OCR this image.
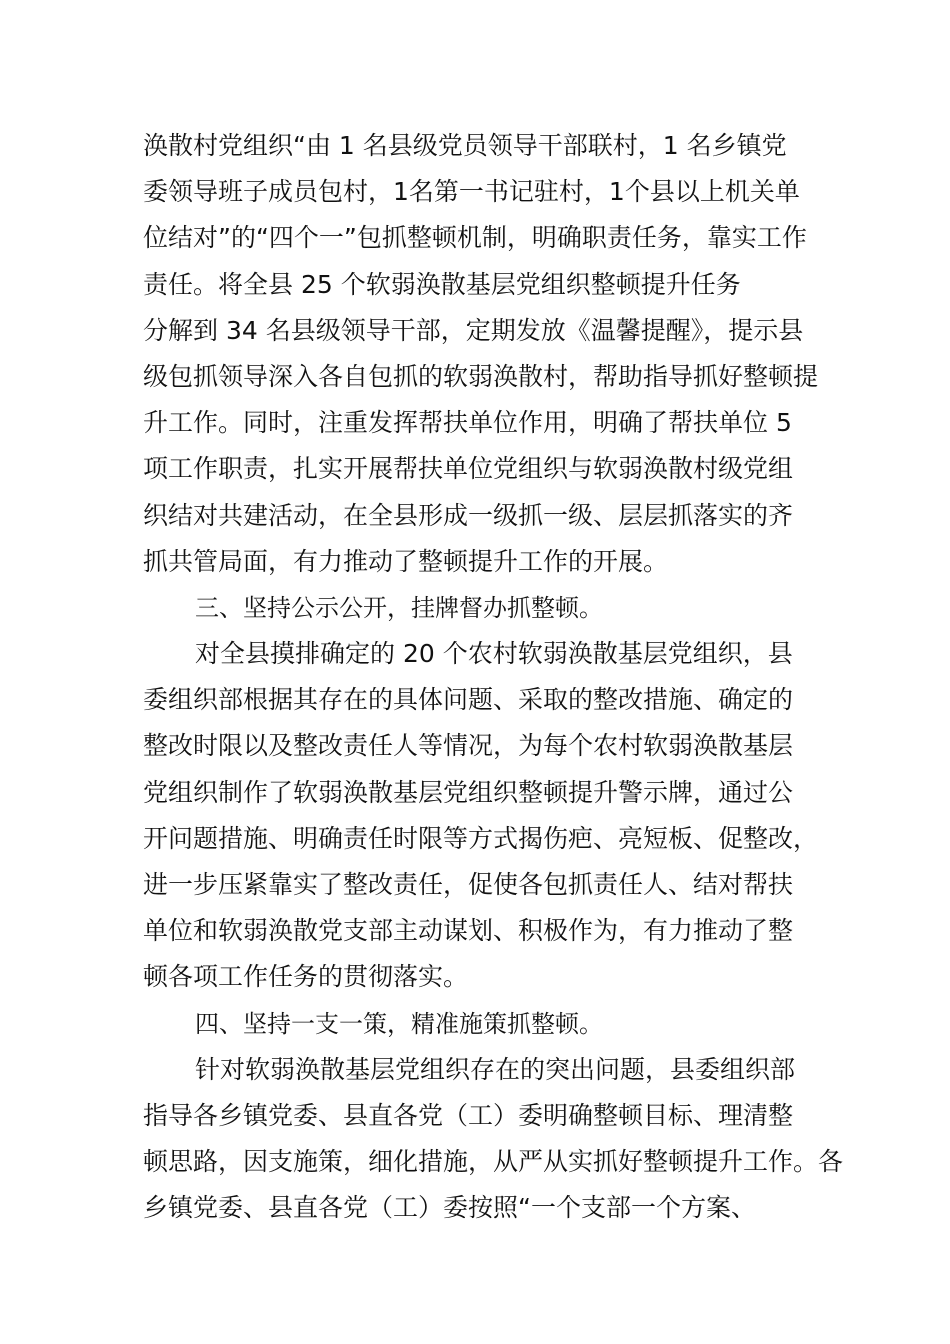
涣散村党组织“由 1 名县级党员领导干部联村，1 名乡镇党
委领导班子成员包村，1名第一书记驻村，1个县以上机关单
位结对”的“四个一”包抓整顿机制，明确职责任务，靠实工作
责任。将全县 25 个软弱涣散基层党组织整顿提升任务
分解到 34 名县级领导干部，定期发放《温馨提醒》，提示县
级包抓领导深入各自包抓的软弱涣散村，帮助指导抓好整顿提
升工作。同时，注重发挥帮扶单位作用，明确了帮扶单位 5
项工作职责，扎实开展帮扶单位党组织与软弱涣散村级党组
织结对共建活动，在全县形成一级抓一级、层层抓落实的齐
抓共管局面，有力推动了整顿提升工作的开展。
三、坚持公示公开，挂牌督办抓整顿。
对全县摸排确定的 20 个农村软弱涣散基层党组织，县
委组织部根据其存在的具体问题、采取的整改措施、确定的
整改时限以及整改责任人等情况，为每个农村软弱涣散基层
党组织制作了软弱涣散基层党组织整顿提升警示牌，通过公
开问题措施、明确责任时限等方式揭伤疤、亮短板、促整改，
进一步压紧靠实了整改责任，促使各包抓责任人、结对帮扶
单位和软弱涣散党支部主动谋划、积极作为，有力推动了整
顿各项工作任务的贯彻落实。
四、坚持一支一策，精准施策抓整顿。
针对软弱涣散基层党组织存在的突出问题，县委组织部
指导各乡镇党委、县直各党（工）委明确整顿目标、理清整
顿思路，因支施策，细化措施，从严从实抓好整顿提升工作。各
乡镇党委、县直各党（工）委按照“一个支部一个方案、
